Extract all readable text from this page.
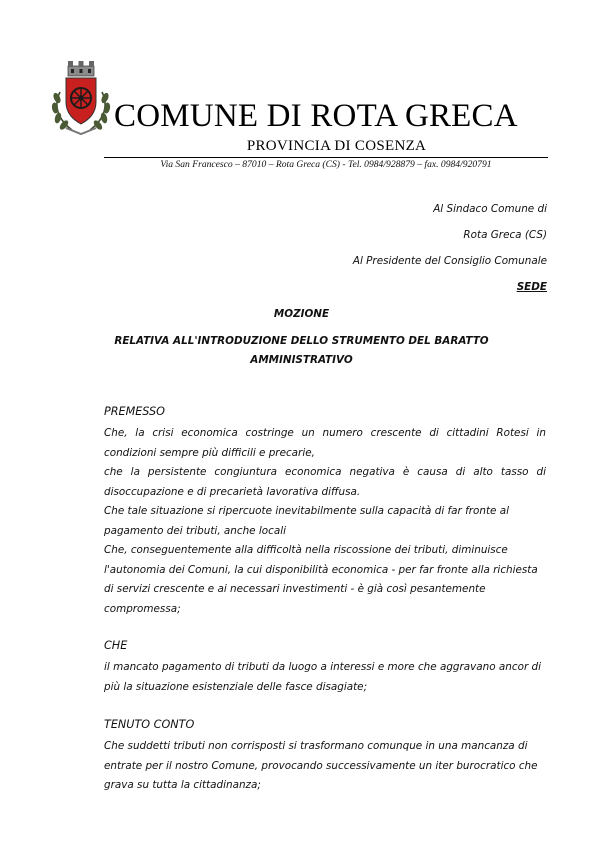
COMUNE DI ROTA GRECA
PROVINCIA DI COSENZA
Via San Francesco – 87010 – Rota Greca (CS) - Tel. 0984/928879 – fax. 0984/920791
Al Sindaco Comune di
Rota Greca (CS)
Al Presidente del Consiglio Comunale
SEDE
MOZIONE
RELATIVA ALL'INTRODUZIONE DELLO STRUMENTO DEL BARATTO
AMMINISTRATIVO
PREMESSO
Che, la crisi economica costringe un numero crescente di cittadini Rotesi in
condizioni sempre più difficili e precarie,
che la persistente congiuntura economica negativa è causa di alto tasso di
disoccupazione e di precarietà lavorativa diffusa.
Che tale situazione si ripercuote inevitabilmente sulla capacità di far fronte al
pagamento dei tributi, anche locali
Che, conseguentemente alla difficoltà nella riscossione dei tributi, diminuisce
l'autonomia dei Comuni, la cui disponibilità economica - per far fronte alla richiesta
di servizi crescente e ai necessari investimenti - è già così pesantemente
compromessa;
CHE
il mancato pagamento di tributi da luogo a interessi e more che aggravano ancor di
più la situazione esistenziale delle fasce disagiate;
TENUTO CONTO
Che suddetti tributi non corrisposti si trasformano comunque in una mancanza di
entrate per il nostro Comune, provocando successivamente un iter burocratico che
grava su tutta la cittadinanza;
